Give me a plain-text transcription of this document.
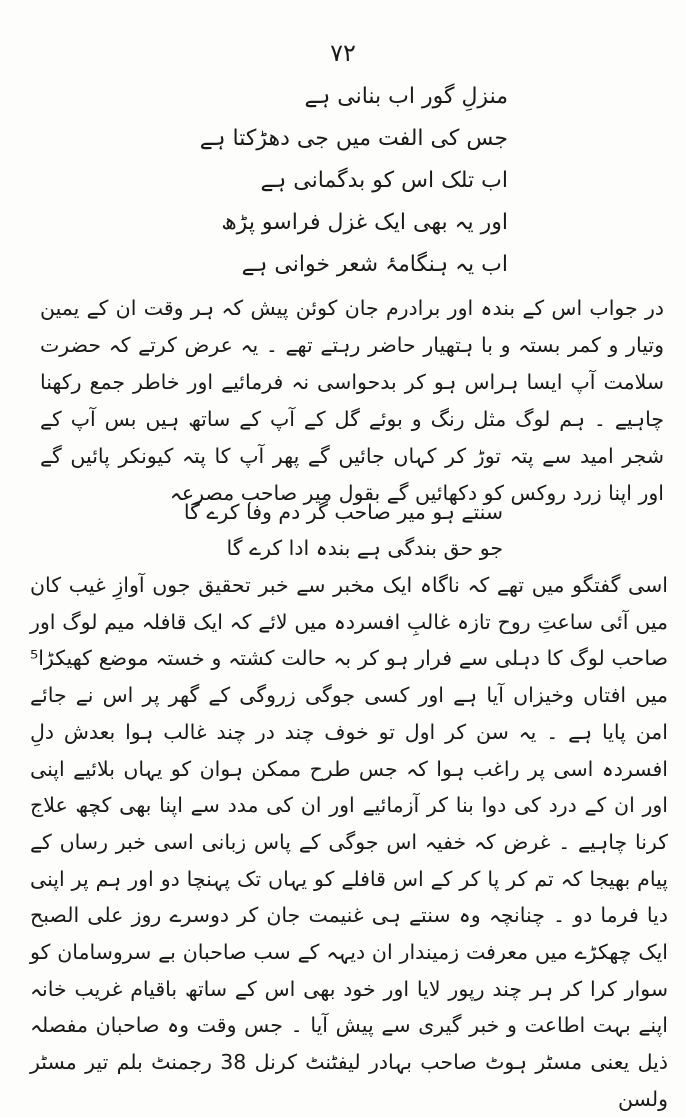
۷۲
منزلِ گور اب بنانی ہے
جس کی الفت میں جی دھڑکتا ہے
اب تلک اس کو بدگمانی ہے
اور یہ بھی ایک غزل فراسو پڑھ
اب یہ ہنگامۂ شعر خوانی ہے
در جواب اس کے بندہ اور برادرم جان کوئن پیش کہ ہر وقت ان کے یمین وتیار و کمر بستہ و با ہتھیار حاضر رہتے تھے ۔ یہ عرض کرتے کہ حضرت سلامت آپ ایسا ہراس ہو کر بدحواسی نہ فرمائیے اور خاطر جمع رکھنا چاہیے ۔ ہم لوگ مثل رنگ و بوئے گل کے آپ کے ساتھ ہیں بس آپ کے شجر امید سے پتہ توڑ کر کہاں جائیں گے پھر آپ کا پتہ کیونکر پائیں گے اور اپنا زرد روکس کو دکھائیں گے بقول میر صاحب مصرعہ
سنتے ہو میر صاحب گر دم وفا کرے گا
جو حق بندگی ہے بندہ ادا کرے گا
اسی گفتگو میں تھے کہ ناگاہ ایک مخبر سے خبر تحقیق جوں آوازِ غیب کان میں آئی ساعتِ روح تازہ غالبِ افسردہ میں لائے کہ ایک قافلہ میم لوگ اور صاحب لوگ کا دہلی سے فرار ہو کر بہ حالت کشتہ و خستہ موضع کھیکڑا⁵ میں افتاں وخیزاں آیا ہے اور کسی جوگی زروگی کے گھر پر اس نے جائے امن پایا ہے ۔ یہ سن کر اول تو خوف چند در چند غالب ہوا بعدش دلِ افسردہ اسی پر راغب ہوا کہ جس طرح ممکن ہوان کو یہاں بلائیے اپنی اور ان کے درد کی دوا بنا کر آزمائیے اور ان کی مدد سے اپنا بھی کچھ علاج کرنا چاہیے ۔ غرض کہ خفیہ اس جوگی کے پاس زبانی اسی خبر رساں کے پیام بھیجا کہ تم کر پا کر کے اس قافلے کو یہاں تک پہنچا دو اور ہم پر اپنی دیا فرما دو ۔ چنانچہ وہ سنتے ہی غنیمت جان کر دوسرے روز علی الصبح ایک چھکڑے میں معرفت زمیندار ان دیہہ کے سب صاحبان بے سروسامان کو سوار کرا کر ہر چند رپور لایا اور خود بھی اس کے ساتھ باقیام غریب خانہ اپنے بہت اطاعت و خبر گیری سے پیش آیا ۔ جس وقت وہ صاحبان مفصلہ ذیل یعنی مسٹر ہوٹ صاحب بہادر لیفٹنٹ کرنل 38 رجمنٹ بلم تیر مسٹر ولسن
